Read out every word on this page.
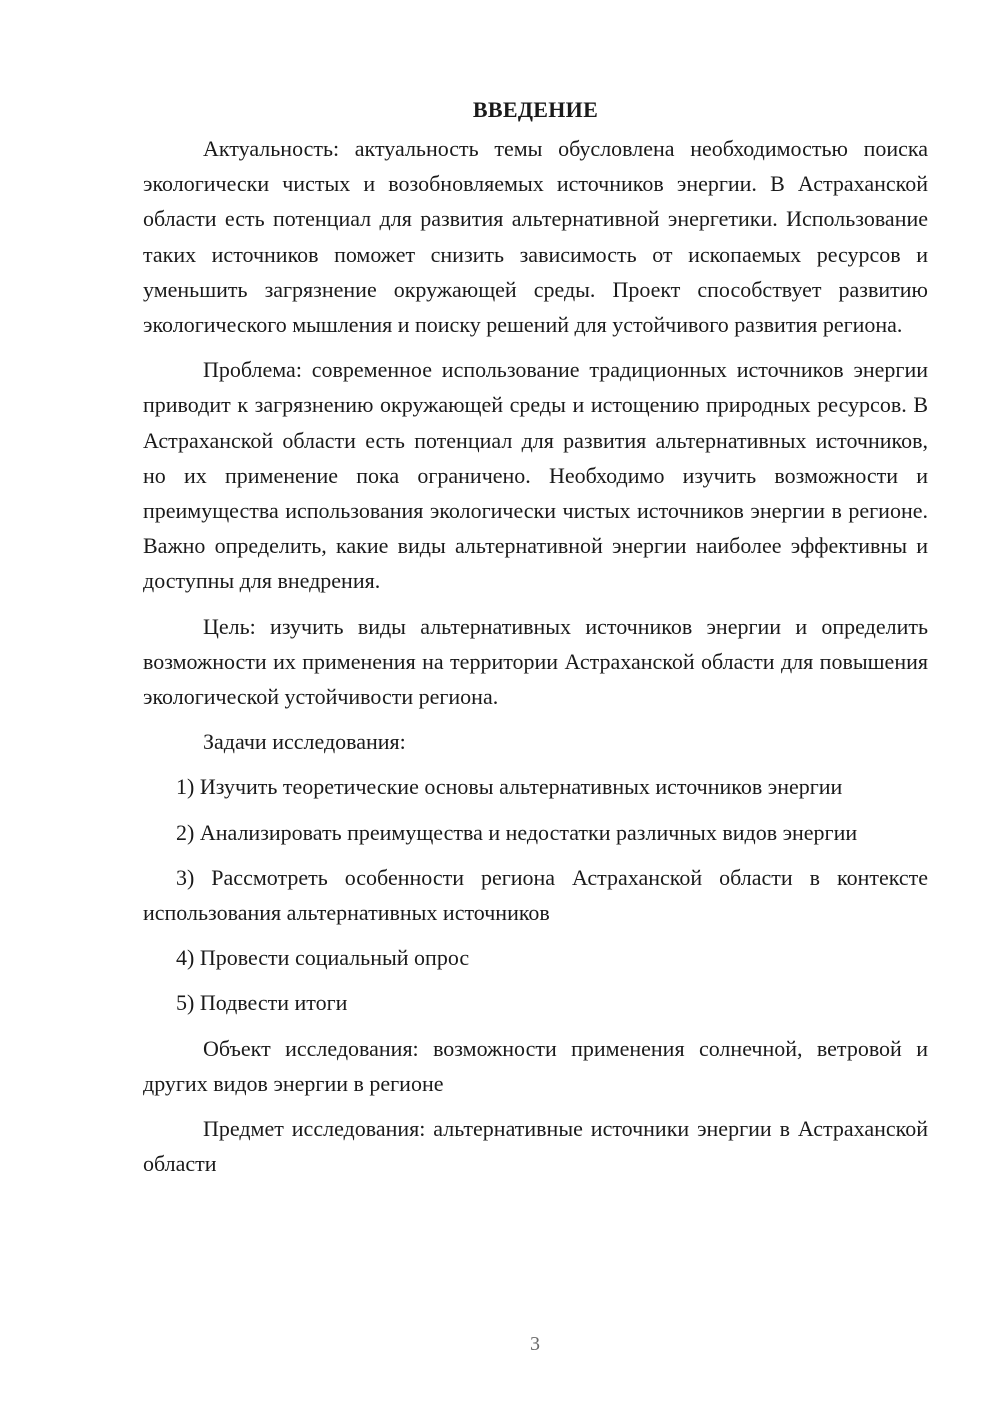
ВВЕДЕНИЕ

Актуальность: актуальность темы обусловлена необходимостью поиска экологически чистых и возобновляемых источников энергии. В Астраханской области есть потенциал для развития альтернативной энергетики. Использование таких источников поможет снизить зависимость от ископаемых ресурсов и уменьшить загрязнение окружающей среды. Проект способствует развитию экологического мышления и поиску решений для устойчивого развития региона.

Проблема: современное использование традиционных источников энергии приводит к загрязнению окружающей среды и истощению природных ресурсов. В Астраханской области есть потенциал для развития альтернативных источников, но их применение пока ограничено. Необходимо изучить возможности и преимущества использования экологически чистых источников энергии в регионе. Важно определить, какие виды альтернативной энергии наиболее эффективны и доступны для внедрения.

Цель: изучить виды альтернативных источников энергии и определить возможности их применения на территории Астраханской области для повышения экологической устойчивости региона.

Задачи исследования:

1) Изучить теоретические основы альтернативных источников энергии

2) Анализировать преимущества и недостатки различных видов энергии

3) Рассмотреть особенности региона Астраханской области в контексте использования альтернативных источников

4) Провести социальный опрос

5) Подвести итоги

Объект исследования: возможности применения солнечной, ветровой и других видов энергии в регионе

Предмет исследования: альтернативные источники энергии в Астраханской области

3
